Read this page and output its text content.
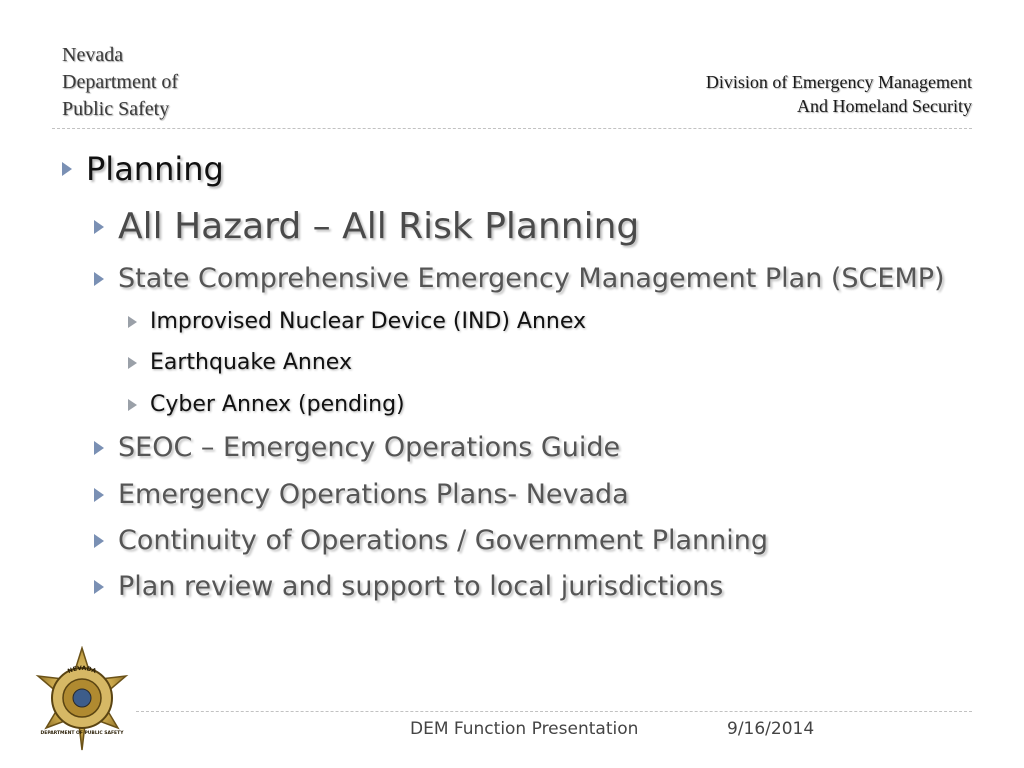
Nevada
Department of
Public Safety
Division of Emergency Management
And Homeland Security
Planning
All Hazard – All Risk Planning
State Comprehensive Emergency Management Plan (SCEMP)
Improvised Nuclear Device (IND) Annex
Earthquake Annex
Cyber Annex (pending)
SEOC – Emergency Operations Guide
Emergency Operations Plans- Nevada
Continuity of Operations / Government Planning
Plan review and support to local jurisdictions
NEVADA
DEPARTMENT OF PUBLIC SAFETY	DEM Function Presentation	9/16/2014
